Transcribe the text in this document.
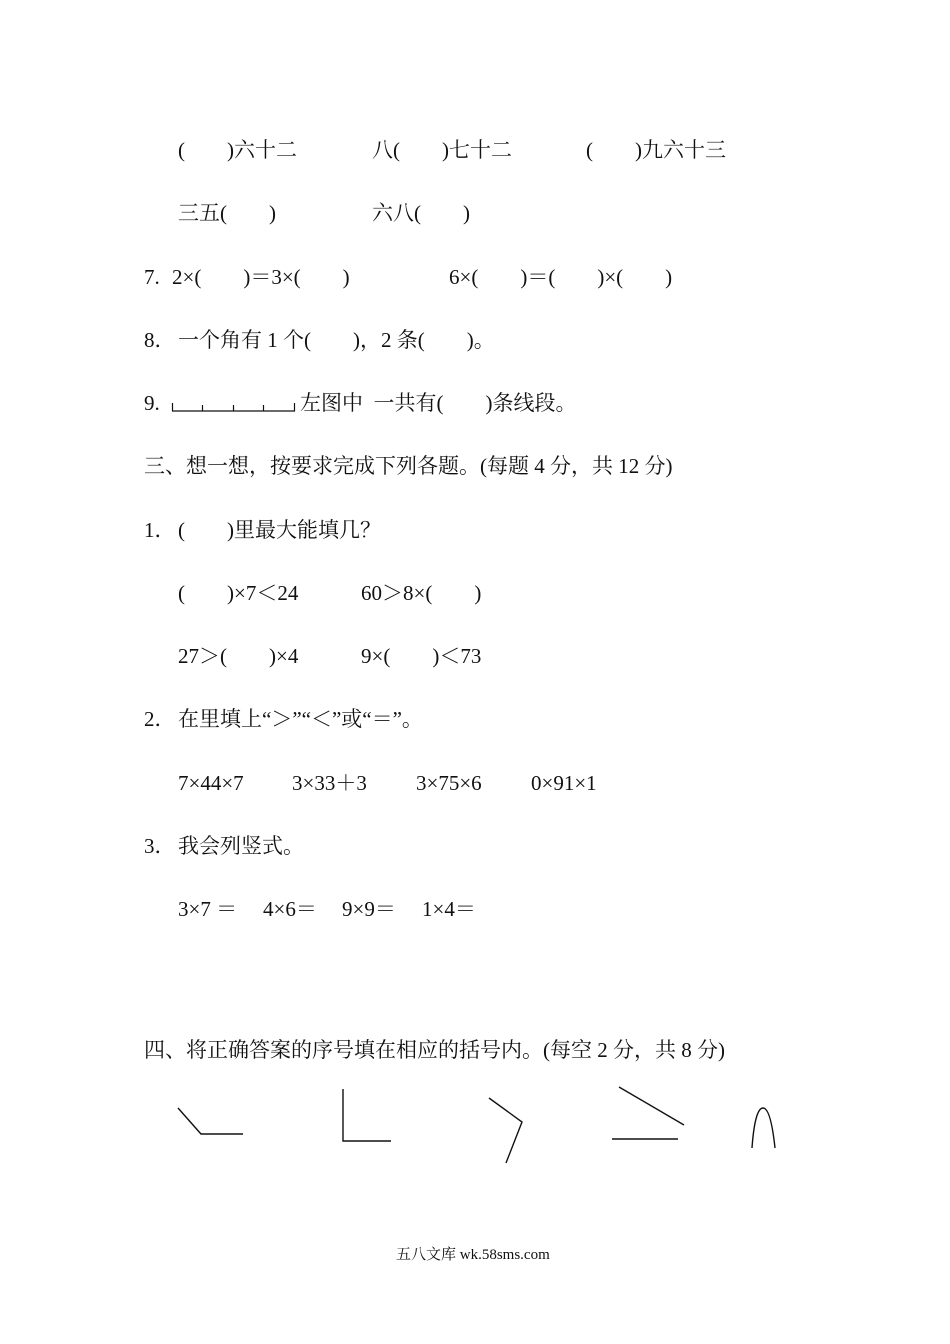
(　　)六十二	八(　　)七十二	(　　)九六十三
三五(　　)	六八(　　)
7. 2×(　　)＝3×(　　)	6×(　　)＝(　　)×(　　)
8． 一个角有 1 个(　　)，2 条(　　)。
9.	左图中  一共有(　　)条线段。
三、想一想，按要求完成下列各题。(每题 4 分，共 12 分)
1． (　　)里最大能填几？
(　　)×7＜24	60＞8×(　　)
27＞(　　)×4	9×(　　)＜73
2． 在里填上“＞”“＜”或“＝”。
7×44×7 3×33＋3 3×75×6 0×91×1
3． 我会列竖式。
3×7 ＝ 4×6＝ 9×9＝ 1×4＝
四、将正确答案的序号填在相应的括号内。(每空 2 分，共 8 分)
五八文库 wk.58sms.com
